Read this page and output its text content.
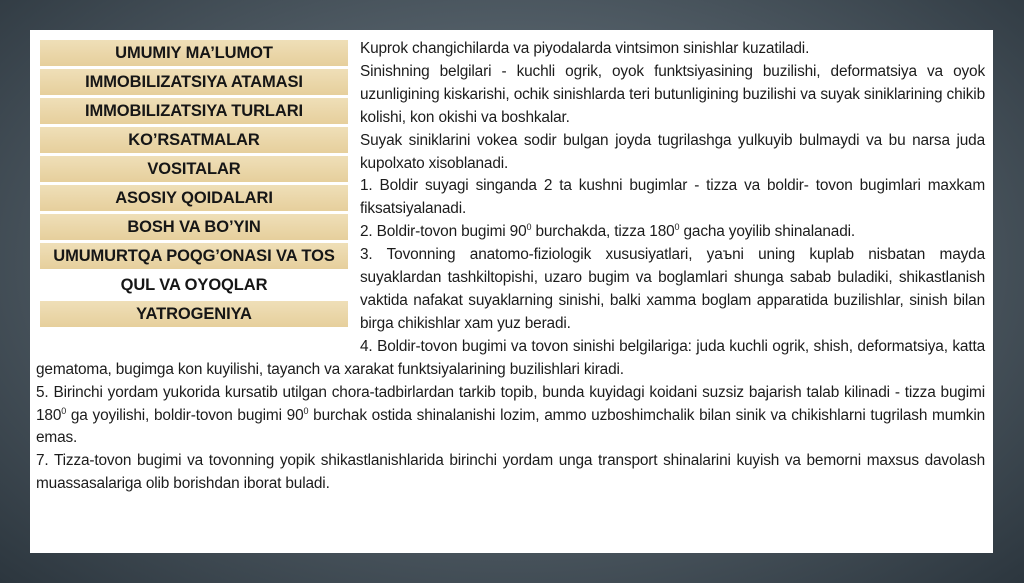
UMUMIY MA’LUMOT
IMMOBILIZATSIYA ATAMASI
IMMOBILIZATSIYA TURLARI
KO’RSATMALAR
VOSITALAR
ASOSIY QOIDALARI
BOSH VA BO’YIN
UMUMURTQA POQG’ONASI VA TOS
QUL VA OYOQLAR
YATROGENIYA
Kuprok changichilarda va piyodalarda vintsimon sinishlar kuzatiladi.
Sinishning belgilari - kuchli ogrik, oyok funktsiyasining buzilishi, deformatsiya va oyok uzunligining kiskarishi, ochik sinishlarda teri butunligining buzilishi va suyak siniklarining chikib kolishi, kon okishi va boshkalar.
Suyak siniklarini vokea sodir bulgan joyda tugrilashga yulkuyib bulmaydi va bu narsa juda kupolxato xisoblanadi.
1. Boldir suyagi singanda 2 ta kushni bugimlar - tizza va boldir- tovon bugimlari maxkam fiksatsiyalanadi.
2. Boldir-tovon bugimi $90^0$ burchakda, tizza $180^0$ gacha yoyilib shinalanadi.
3. Tovonning anatomo-fiziologik xususiyatlari, yaъni uning kuplab nisbatan mayda suyaklardan tashkiltopishi, uzaro bugim va boglamlari shunga sabab buladiki, shikastlanish vaktida nafakat suyaklarning sinishi, balki xamma boglam apparatida buzilishlar, sinish bilan birga chikishlar xam yuz beradi.
4. Boldir-tovon bugimi va tovon sinishi belgilariga: juda kuchli ogrik, shish, deformatsiya, katta gematoma, bugimga kon kuyilishi, tayanch va xarakat funktsiyalarining buzilishlari kiradi.
5. Birinchi yordam yukorida kursatib utilgan chora-tadbirlardan tarkib topib, bunda kuyidagi koidani suzsiz bajarish talab kilinadi - tizza bugimi $180^0$ ga yoyilishi, boldir-tovon bugimi $90^0$ burchak ostida shinalanishi lozim, ammo uzboshimchalik bilan sinik va chikishlarni tugrilash mumkin emas.
7. Tizza-tovon bugimi va tovonning yopik shikastlanishlarida birinchi yordam unga transport shinalarini kuyish va bemorni maxsus davolash muassasalariga olib borishdan iborat buladi.
